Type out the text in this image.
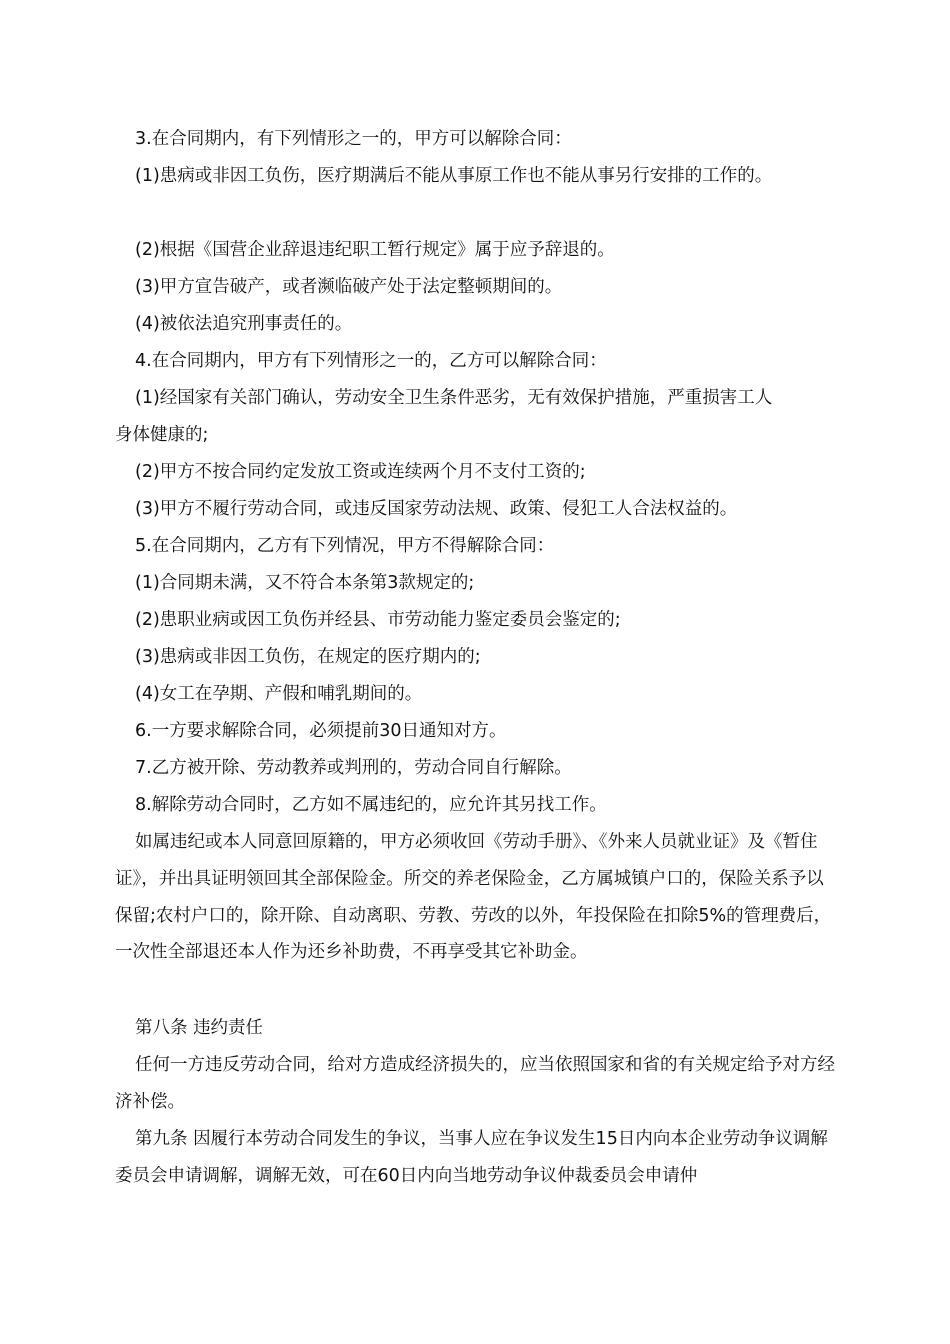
3.在合同期内，有下列情形之一的，甲方可以解除合同：
(1)患病或非因工负伤，医疗期满后不能从事原工作也不能从事另行安排的工作的。
(2)根据《国营企业辞退违纪职工暂行规定》属于应予辞退的。
(3)甲方宣告破产，或者濒临破产处于法定整顿期间的。
(4)被依法追究刑事责任的。
4.在合同期内，甲方有下列情形之一的，乙方可以解除合同：
(1)经国家有关部门确认，劳动安全卫生条件恶劣，无有效保护措施，严重损害工人
身体健康的;
(2)甲方不按合同约定发放工资或连续两个月不支付工资的;
(3)甲方不履行劳动合同，或违反国家劳动法规、政策、侵犯工人合法权益的。
5.在合同期内，乙方有下列情况，甲方不得解除合同：
(1)合同期未满，又不符合本条第3款规定的;
(2)患职业病或因工负伤并经县、市劳动能力鉴定委员会鉴定的;
(3)患病或非因工负伤，在规定的医疗期内的;
(4)女工在孕期、产假和哺乳期间的。
6.一方要求解除合同，必须提前30日通知对方。
7.乙方被开除、劳动教养或判刑的，劳动合同自行解除。
8.解除劳动合同时，乙方如不属违纪的，应允许其另找工作。
如属违纪或本人同意回原籍的，甲方必须收回《劳动手册》、《外来人员就业证》及《暂住证》，并出具证明领回其全部保险金。所交的养老保险金，乙方属城镇户口的，保险关系予以保留;农村户口的，除开除、自动离职、劳教、劳改的以外，年投保险在扣除5%的管理费后，一次性全部退还本人作为还乡补助费，不再享受其它补助金。
第八条 违约责任
任何一方违反劳动合同，给对方造成经济损失的，应当依照国家和省的有关规定给予对方经济补偿。
第九条 因履行本劳动合同发生的争议，当事人应在争议发生15日内向本企业劳动争议调解委员会申请调解，调解无效，可在60日内向当地劳动争议仲裁委员会申请仲
